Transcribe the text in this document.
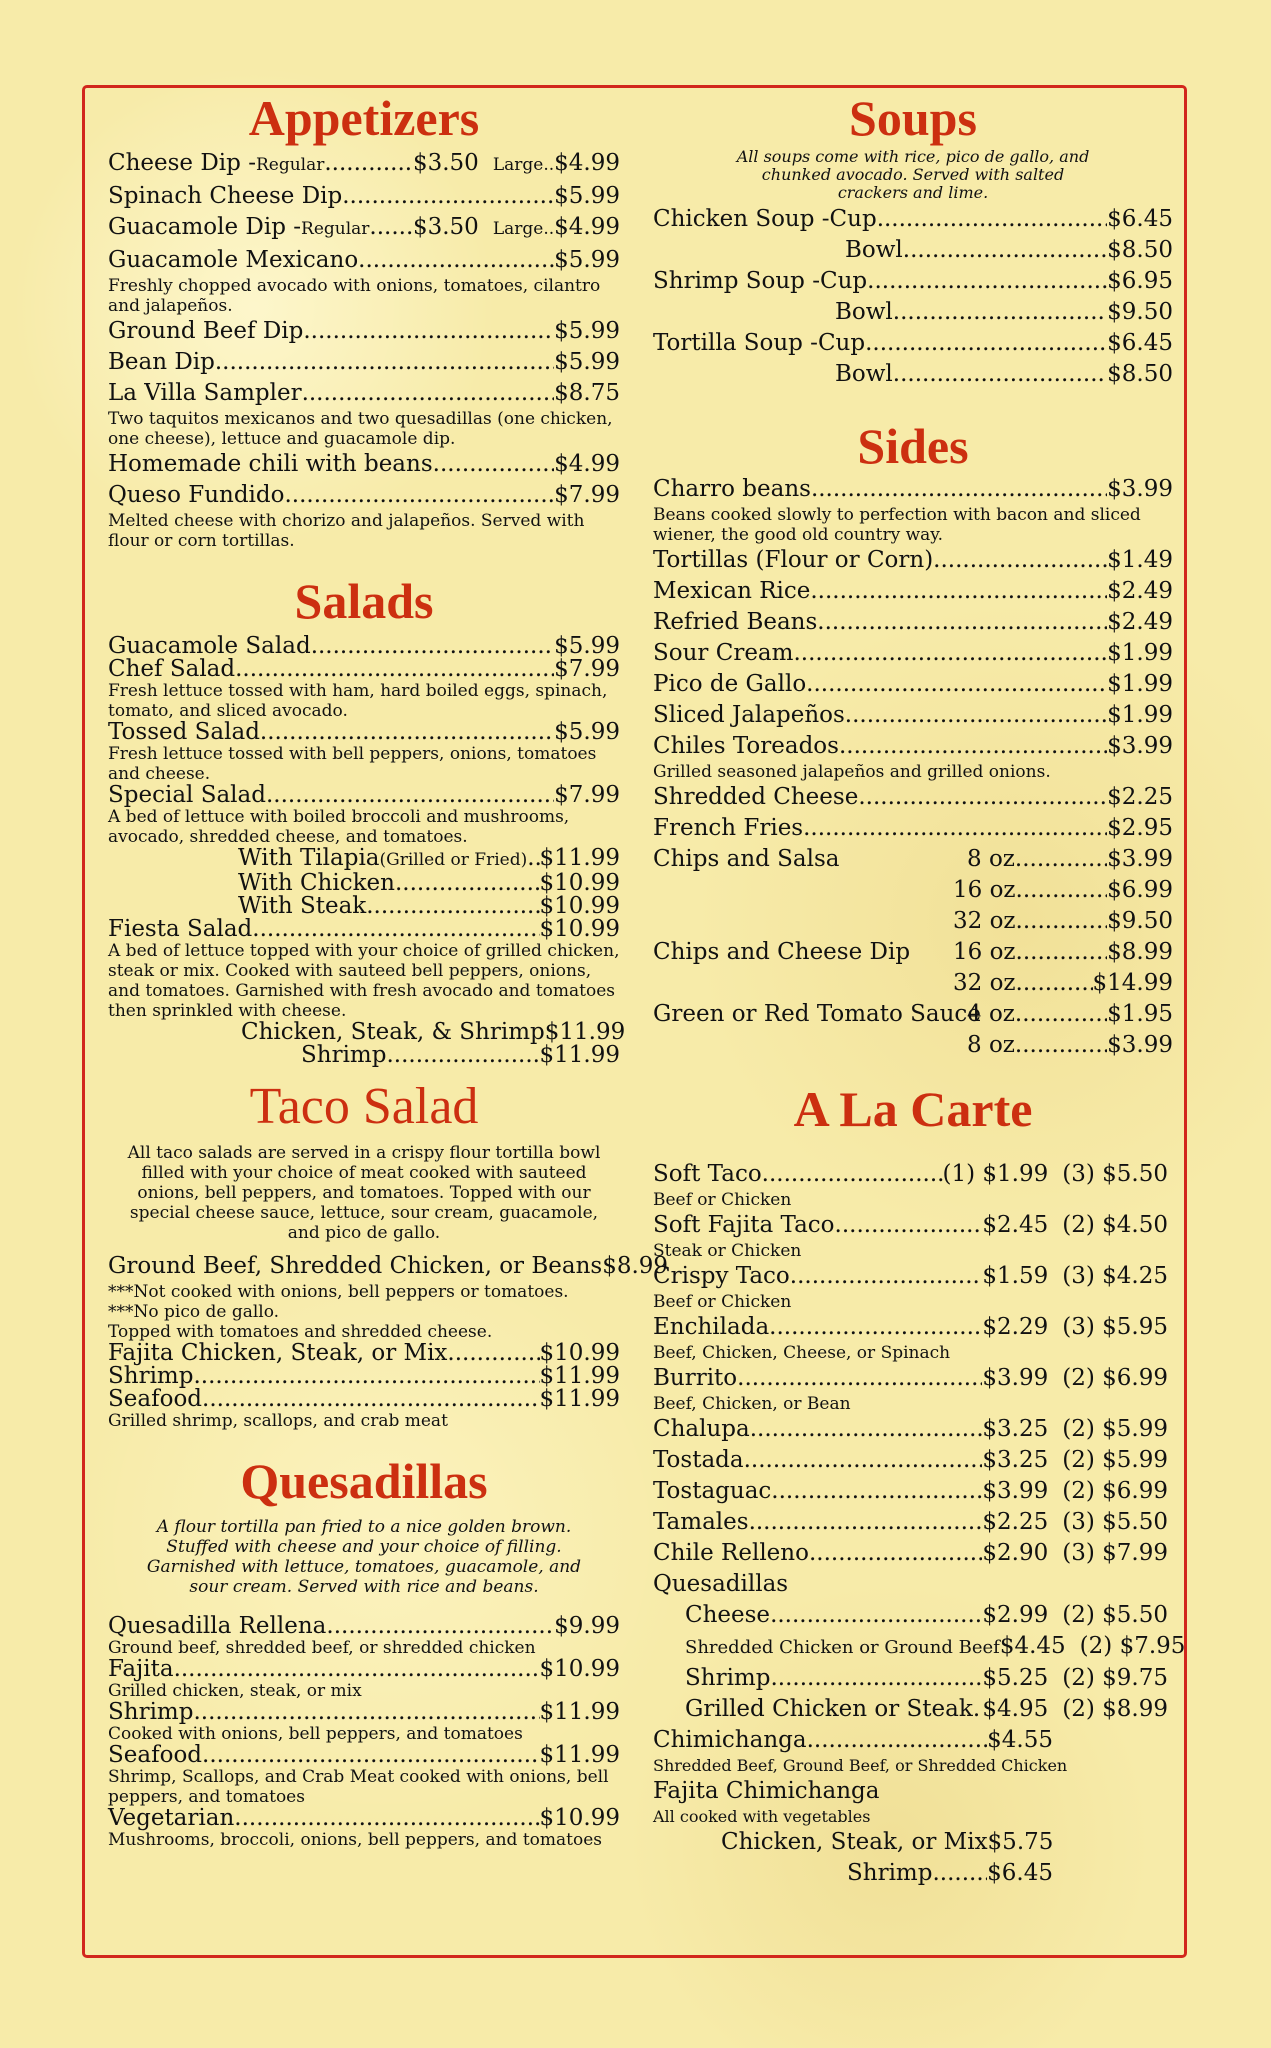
Appetizers
Cheese Dip - Regular .....	$3.50 Large .. $4.99
Spinach Cheese Dip .....	$5.99
Guacamole Dip - Regular ..... $3.50 Large .. $4.99
Guacamole Mexicano .....	$5.99
Freshly chopped avocado with onions, tomatoes, cilantro and jalapeños.
Ground Beef Dip .....	$5.99
Bean Dip .....	$5.99
La Villa Sampler .....	$8.75
Two taquitos mexicanos and two quesadillas (one chicken, one cheese), lettuce and guacamole dip.
Homemade chili with beans .....	$4.99
Queso Fundido .....	$7.99
Melted cheese with chorizo and jalapeños. Served with flour or corn tortillas.
Salads
Guacamole Salad .....	$5.99
Chef Salad .....	$7.99
Fresh lettuce tossed with ham, hard boiled eggs, spinach, tomato, and sliced avocado.
Tossed Salad .....	$5.99
Fresh lettuce tossed with bell peppers, onions, tomatoes and cheese.
Special Salad .....	$7.99
A bed of lettuce with boiled broccoli and mushrooms, avocado, shredded cheese, and tomatoes.
With Tilapia (Grilled or Fried) ..... $11.99
With Chicken .....	$10.99
With Steak .....	$10.99
Fiesta Salad .....	$10.99
A bed of lettuce topped with your choice of grilled chicken, steak or mix. Cooked with sauteed bell peppers, onions, and tomatoes. Garnished with fresh avocado and tomatoes then sprinkled with cheese.
Chicken, Steak, & Shrimp $11.99
Shrimp .....	$11.99
Taco Salad
All taco salads are served in a crispy flour tortilla bowl filled with your choice of meat cooked with sauteed onions, bell peppers, and tomatoes. Topped with our special cheese sauce, lettuce, sour cream, guacamole, and pico de gallo.
Ground Beef, Shredded Chicken, or Beans $8.99
***Not cooked with onions, bell peppers or tomatoes.
***No pico de gallo.
Topped with tomatoes and shredded cheese.
Fajita Chicken, Steak, or Mix .....	$10.99
Shrimp .....	$11.99
Seafood .....	$11.99
Grilled shrimp, scallops, and crab meat
Quesadillas
A flour tortilla pan fried to a nice golden brown. Stuffed with cheese and your choice of filling. Garnished with lettuce, tomatoes, guacamole, and sour cream. Served with rice and beans.
Quesadilla Rellena .....	$9.99
Ground beef, shredded beef, or shredded chicken
Fajita .....	$10.99
Grilled chicken, steak, or mix
Shrimp .....	$11.99
Cooked with onions, bell peppers, and tomatoes
Seafood .....	$11.99
Shrimp, Scallops, and Crab Meat cooked with onions, bell peppers, and tomatoes
Vegetarian .....	$10.99
Mushrooms, broccoli, onions, bell peppers, and tomatoes
Soups
All soups come with rice, pico de gallo, and chunked avocado. Served with salted crackers and lime.
Chicken Soup - Cup .....	$6.45
Bowl .....	$8.50
Shrimp Soup - Cup .....	$6.95
Bowl .....	$9.50
Tortilla Soup - Cup .....	$6.45
Bowl .....	$8.50
Sides
Charro beans .....	$3.99
Beans cooked slowly to perfection with bacon and sliced wiener, the good old country way.
Tortillas (Flour or Corn) .....	$1.49
Mexican Rice .....	$2.49
Refried Beans .....	$2.49
Sour Cream .....	$1.99
Pico de Gallo .....	$1.99
Sliced Jalapeños .....	$1.99
Chiles Toreados .....	$3.99
Grilled seasoned jalapeños and grilled onions.
Shredded Cheese .....	$2.25
French Fries .....	$2.95
Chips and Salsa	8 oz .....	$3.99
16 oz .....	$6.99
32 oz .....	$9.50
Chips and Cheese Dip	16 oz .....	$8.99
32 oz .....	$14.99
Green or Red Tomato Sauce
4 oz .....	$1.95
8 oz .....	$3.99
A La Carte
Soft Taco .....	(1) $1.99 (3) $5.50
Beef or Chicken
Soft Fajita Taco .....	$2.45 (2) $4.50
Steak or Chicken
Crispy Taco .....	$1.59 (3) $4.25
Beef or Chicken
Enchilada .....	$2.29 (3) $5.95
Beef, Chicken, Cheese, or Spinach
Burrito .....	$3.99 (2) $6.99
Beef, Chicken, or Bean
Chalupa .....	$3.25 (2) $5.99
Tostada .....	$3.25 (2) $5.99
Tostaguac .....	$3.99 (2) $6.99
Tamales .....	$2.25 (3) $5.50
Chile Relleno .....	$2.90 (3) $7.99
Quesadillas
Cheese .....	$2.99 (2) $5.50
Shredded Chicken or Ground Beef $4.45 (2) $7.95
Shrimp .....	$5.25 (2) $9.75
Grilled Chicken or Steak ..... $4.95 (2) $8.99
Chimichanga .....	$4.55
Shredded Beef, Ground Beef, or Shredded Chicken
Fajita Chimichanga
All cooked with vegetables
Chicken, Steak, or Mix $5.75
Shrimp ..... $6.45
